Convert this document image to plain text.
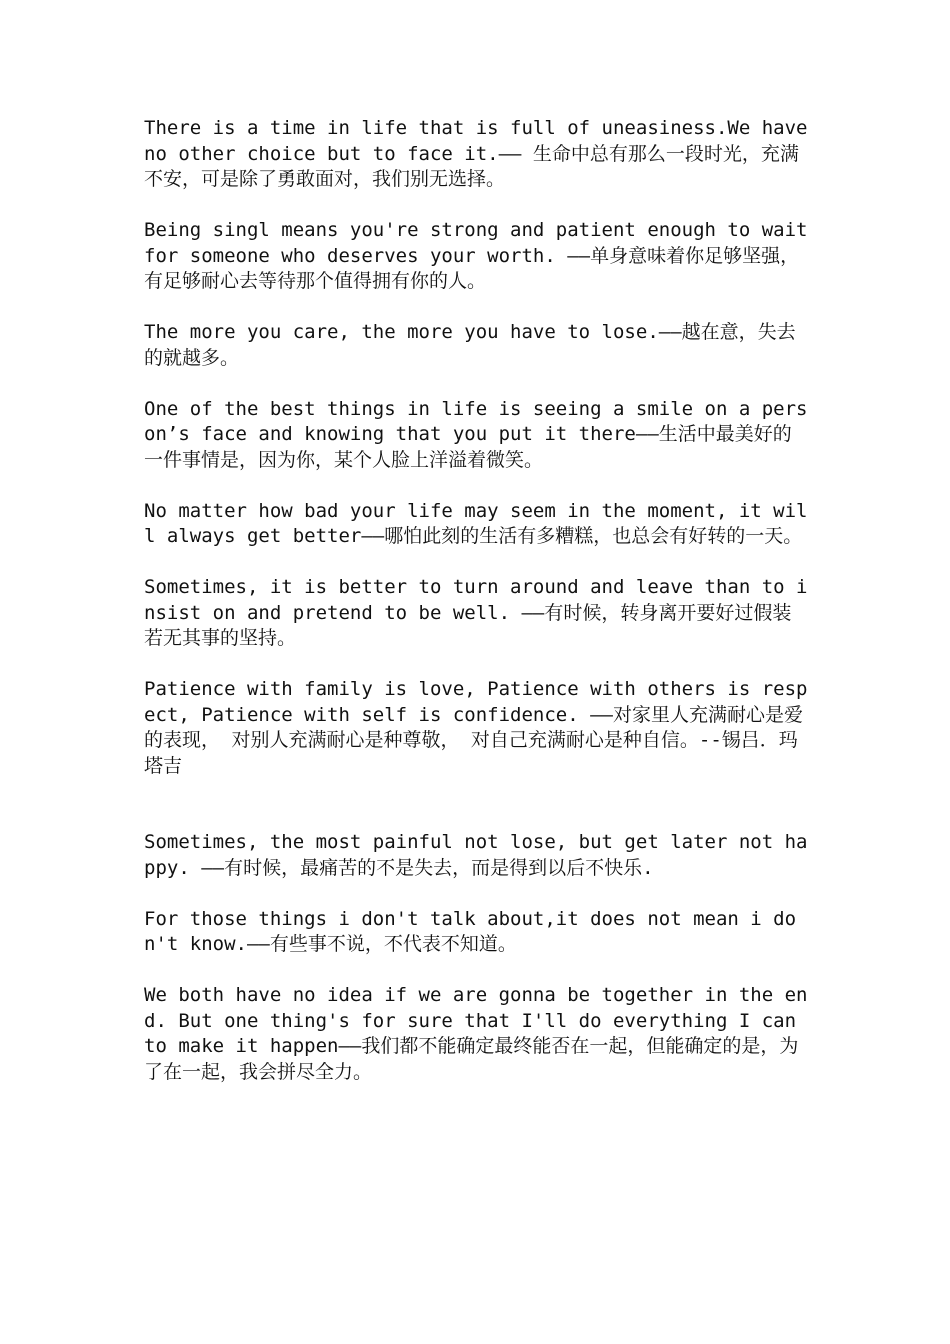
There is a time in life that is full of uneasiness.We have no other choice but to face it.—— 生命中总有那么一段时光，充满不安，可是除了勇敢面对，我们别无选择。

Being singl means you're strong and patient enough to wait for someone who deserves your worth. ——单身意味着你足够坚强，有足够耐心去等待那个值得拥有你的人。

The more you care, the more you have to lose.——越在意，失去的就越多。

One of the best things in life is seeing a smile on a person’s face and knowing that you put it there——生活中最美好的一件事情是，因为你，某个人脸上洋溢着微笑。

No matter how bad your life may seem in the moment, it will always get better——哪怕此刻的生活有多糟糕，也总会有好转的一天。

Sometimes, it is better to turn around and leave than to insist on and pretend to be well. ——有时候，转身离开要好过假装若无其事的坚持。

Patience with family is love, Patience with others is respect, Patience with self is confidence. ——对家里人充满耐心是爱的表现， 对别人充满耐心是种尊敬， 对自己充满耐心是种自信。--锡吕．玛塔吉

Sometimes, the most painful not lose, but get later not happy. ——有时候，最痛苦的不是失去，而是得到以后不快乐.

For those things i don't talk about,it does not mean i don't know.——有些事不说，不代表不知道。

We both have no idea if we are gonna be together in the end. But one thing's for sure that I'll do everything I can to make it happen——我们都不能确定最终能否在一起，但能确定的是，为了在一起，我会拼尽全力。
